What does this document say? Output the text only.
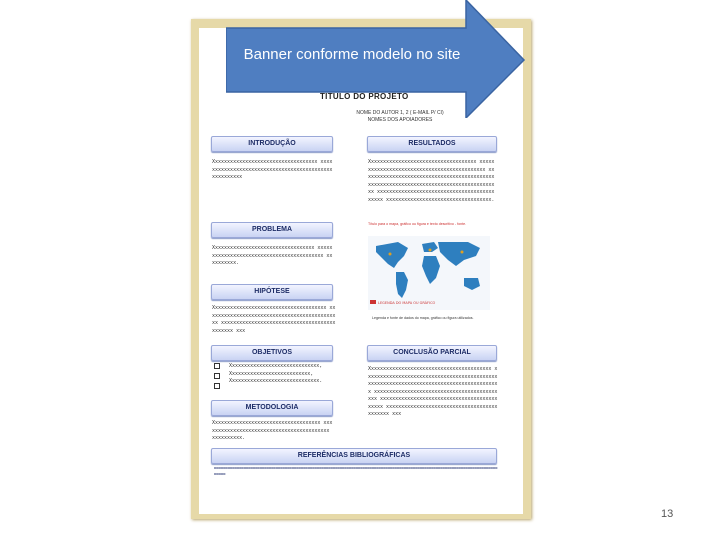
TITULO DO PROJETO
NOME DO AUTOR 1, 2 ( E-MAIL P/ CI)
NOMES DOS APOIADORES
INTRODUÇÃO
Xxxxxxxxxxxxxxxxxxxxxxxxxxxxxxxxxxx xxxxxxxxxxxxxxxxxxxxxxxxxxxxxxxxxxxxxxxxxxxx xxxxxxxxxx
PROBLEMA
Xxxxxxxxxxxxxxxxxxxxxxxxxxxxxxxxxx xxxxxxxxxxxxxxxxxxxxxxxxxxxxxxxxxxxxxxxxxx xxxxxxxxxx.
HIPÓTESE
Xxxxxxxxxxxxxxxxxxxxxxxxxxxxxxxxxxxxxx xxxxxxxxxxxxxxxxxxxxxxxxxxxxxxxxxxxxxxxxxxxxx xxxxxxxxxxxxxxxxxxxxxxxxxxxxxxxxxxxxxxxxxxxxx xxx
OBJETIVOS
Xxxxxxxxxxxxxxxxxxxxxxxxxxxxxx,
Xxxxxxxxxxxxxxxxxxxxxxxxxxx,
Xxxxxxxxxxxxxxxxxxxxxxxxxxxxxx.
METODOLOGIA
Xxxxxxxxxxxxxxxxxxxxxxxxxxxxxxxxxxxx xxxxxxxxxxxxxxxxxxxxxxxxxxxxxxxxxxxxxxxxxx xxxxxxxxxx.
RESULTADOS
Xxxxxxxxxxxxxxxxxxxxxxxxxxxxxxxxxxxx xxxxxxxxxxxxxxxxxxxxxxxxxxxxxxxxxxxxxxxxxxxx xxxxxxxxxxxxxxxxxxxxxxxxxxxxxxxxxxxxxxxxxxxx xxxxxxxxxxxxxxxxxxxxxxxxxxxxxxxxxxxxxxxxxxxx xxxxxxxxxxxxxxxxxxxxxxxxxxxxxxxxxxxxxxxxxxxx xxxxxxxxxxxxxxxxxxxxxxxxxxxxxxxxxxx.
Título para o mapa, gráfico ou figura e texto descritivo - fonte.
LEGENDA DO MAPA OU GRÁFICO
Legenda e fonte de dados do mapa, gráfico ou figura utilizados.
CONCLUSÃO PARCIAL
Xxxxxxxxxxxxxxxxxxxxxxxxxxxxxxxxxxxxxxxxx xxxxxxxxxxxxxxxxxxxxxxxxxxxxxxxxxxxxxxxxxxxx xxxxxxxxxxxxxxxxxxxxxxxxxxxxxxxxxxxxxxxxxxxx xxxxxxxxxxxxxxxxxxxxxxxxxxxxxxxxxxxxxxxxxxxx xxxxxxxxxxxxxxxxxxxxxxxxxxxxxxxxxxxxxxxxxxxx xxxxxxxxxxxxxxxxxxxxxxxxxxxxxxxxxxxxxxxxxxxx xxx
REFERÊNCIAS BIBLIOGRÁFICAS
▬▬▬▬▬▬▬▬▬▬▬▬▬▬▬▬▬▬▬▬▬▬▬▬▬▬▬▬▬▬▬▬▬▬▬▬▬▬▬▬▬▬▬▬▬▬▬▬▬▬▬▬▬▬▬▬▬▬▬▬▬▬▬▬▬▬▬▬▬▬▬▬▬▬▬▬▬▬▬▬▬▬▬▬▬▬▬▬▬▬▬▬▬▬▬▬▬▬▬▬▬▬▬▬▬▬▬▬▬▬▬▬▬▬▬▬▬▬▬▬▬▬▬▬▬▬▬▬▬
Banner conforme modelo no site
13
